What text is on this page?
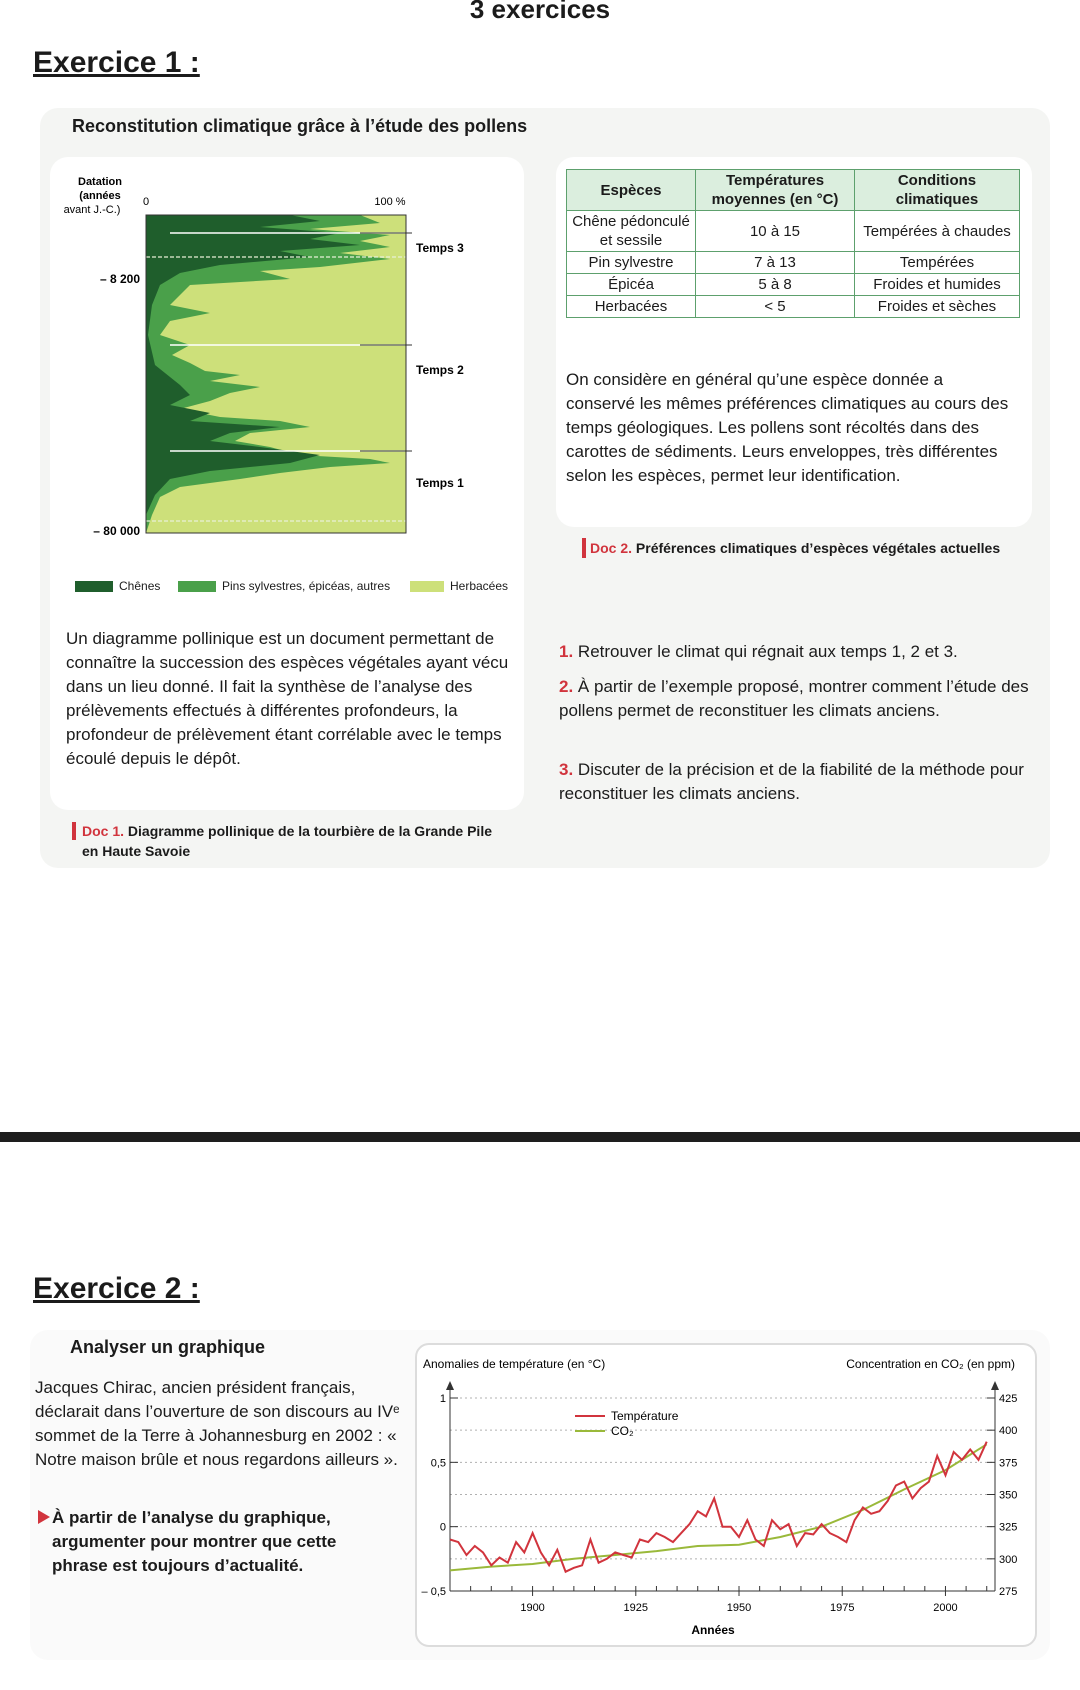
3 exercices
Exercice 1 :
Reconstitution climatique grâce à l’étude des pollens
Datation
(années
avant J.-C.)
0	100 %
– 8 200
– 80 000
Temps 3
Temps 2
Temps 1
Chênes	Pins sylvestres, épicéas, autres	Herbacées
Un diagramme pollinique est un document permettant de connaître la succession des espèces végétales ayant vécu dans un lieu donné. Il fait la synthèse de l’analyse des prélèvements effectués à différentes profondeurs, la profondeur de prélèvement étant corrélable avec le temps écoulé depuis le dépôt.
Doc 1. Diagramme pollinique de la tourbière de la Grande Pile
en Haute Savoie
Espèces	Températures moyennes (en °C)	Conditions climatiques
Chêne pédonculé et sessile	10 à 15	Tempérées à chaudes
Pin sylvestre	7 à 13	Tempérées
Épicéa	5 à 8	Froides et humides
Herbacées	< 5	Froides et sèches
On considère en général qu’une espèce donnée a conservé les mêmes préférences climatiques au cours des temps géologiques. Les pollens sont récoltés dans des carottes de sédiments. Leurs enveloppes, très différentes selon les espèces, permet leur identification.
Doc 2. Préférences climatiques d’espèces végétales actuelles
1. Retrouver le climat qui régnait aux temps 1, 2 et 3.
2. À partir de l’exemple proposé, montrer comment l’étude des pollens permet de reconstituer les climats anciens.
3. Discuter de la précision et de la fiabilité de la méthode pour reconstituer les climats anciens.
Exercice 2 :
Analyser un graphique
Jacques Chirac, ancien président français, déclarait dans l’ouverture de son discours au IVᵉ sommet de la Terre à Johannesburg en 2002 : « Notre maison brûle et nous regardons ailleurs ».
À partir de l’analyse du graphique, argumenter pour montrer que cette phrase est toujours d’actualité.
Anomalies de température (en °C)	Concentration en CO₂ (en ppm)
Années
1
0,5
0
– 0,5
425
400
375
350
325
300
275
1900	1925	1950	1975	2000
Température
CO₂
